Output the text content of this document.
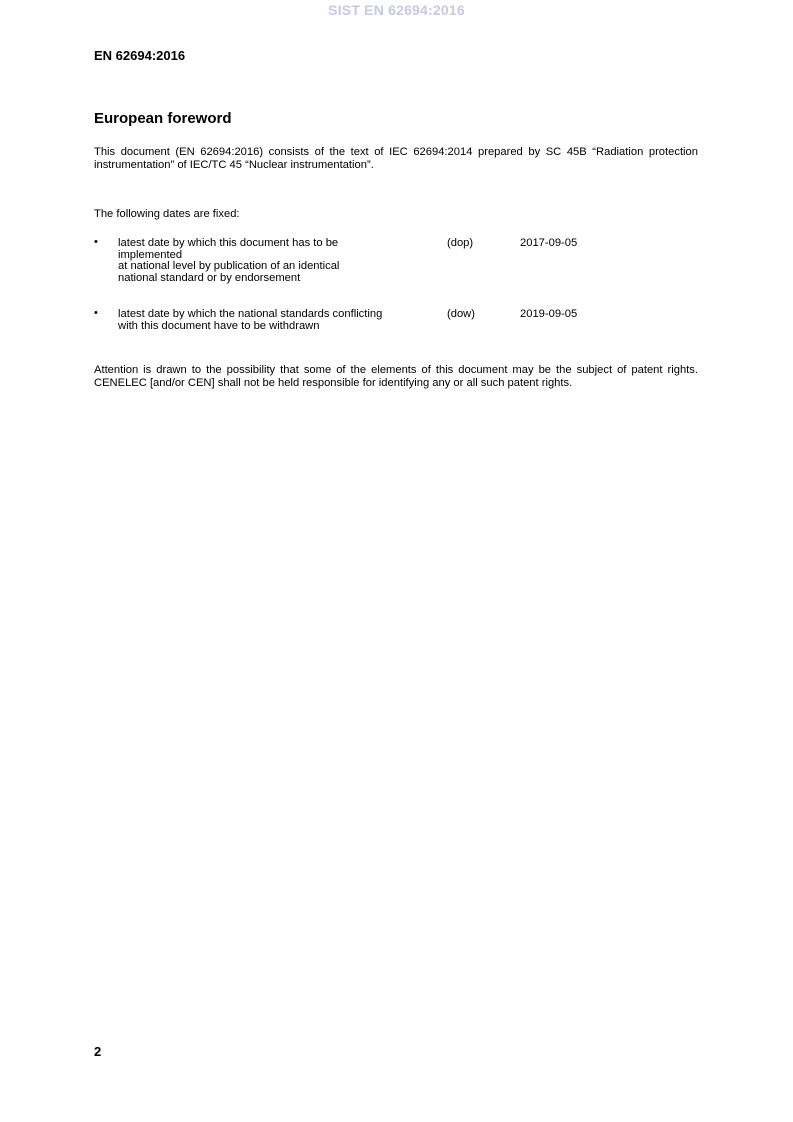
SIST EN 62694:2016
EN 62694:2016
European foreword

This document (EN 62694:2016) consists of the text of IEC 62694:2014 prepared by SC 45B “Radiation protection instrumentation” of IEC/TC 45 “Nuclear instrumentation”.

The following dates are fixed:

• latest date by which this document has to be
implemented
at national level by publication of an identical
national standard or by endorsement
(dop)	2017-09-05
• latest date by which the national standards conflicting
with this document have to be withdrawn
(dow)	2019-09-05

Attention is drawn to the possibility that some of the elements of this document may be the subject of patent rights. CENELEC [and/or CEN] shall not be held responsible for identifying any or all such patent rights.

2
